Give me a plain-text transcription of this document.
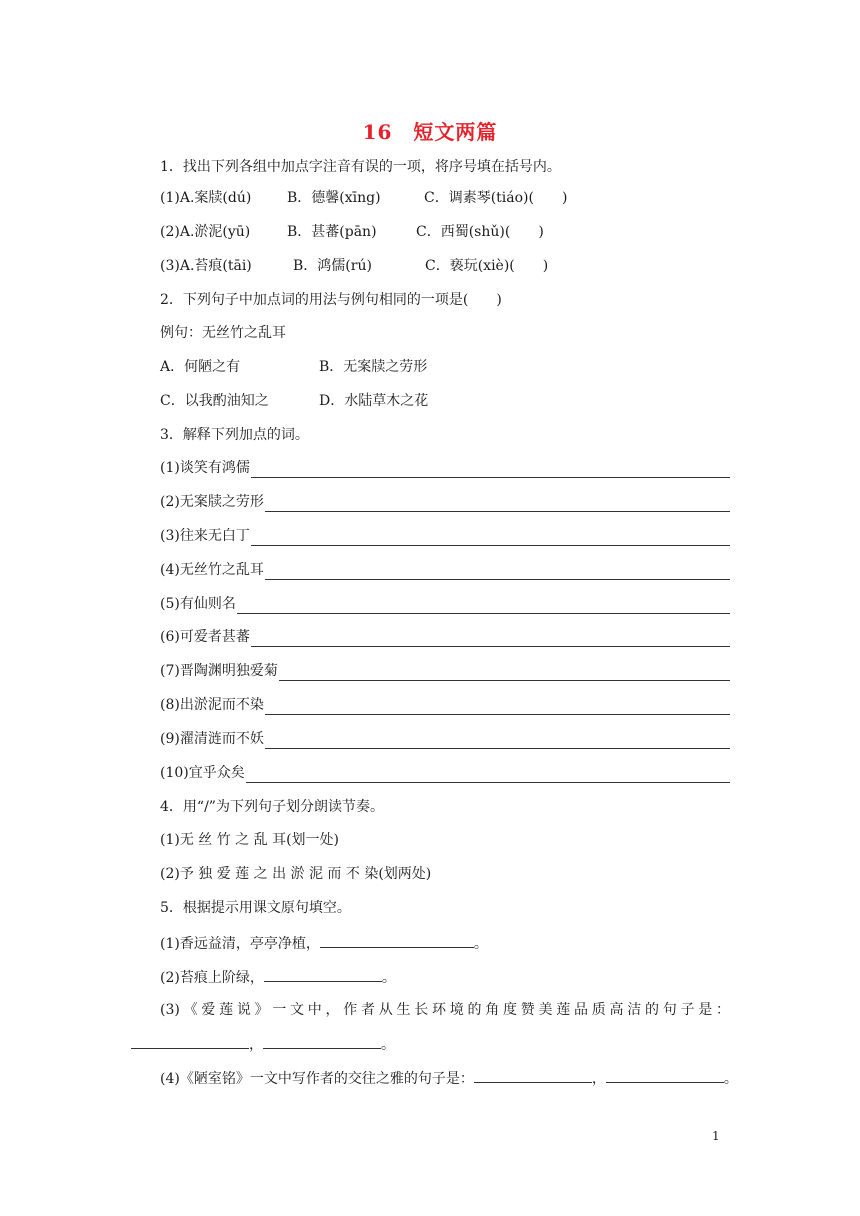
16　短文两篇
1．找出下列各组中加点字注音有误的一项，将序号填在括号内。
(1)A.案牍(dú)	B．德馨(xīng)	C．调素琴(tiáo)(　　)
(2)A.淤泥(yū)	B．甚蕃(pān)	C．西蜀(shǔ)(　　)
(3)A.苔痕(tāi)	B．鸿儒(rú)	C．亵玩(xiè)(　　)
2．下列句子中加点词的用法与例句相同的一项是(　　)
例句：无丝竹之乱耳
A．何陋之有	B．无案牍之劳形
C．以我酌油知之	D．水陆草木之花
3．解释下列加点的词。
(1)谈笑有鸿儒
(2)无案牍之劳形
(3)往来无白丁
(4)无丝竹之乱耳
(5)有仙则名
(6)可爱者甚蕃
(7)晋陶渊明独爱菊
(8)出淤泥而不染
(9)濯清涟而不妖
(10)宜乎众矣
4．用“/”为下列句子划分朗读节奏。
(1)无 丝 竹 之 乱 耳(划一处)
(2)予 独 爱 莲 之 出 淤 泥 而 不 染(划两处)
5．根据提示用课文原句填空。
(1)香远益清，亭亭净植，	。
(2)苔痕上阶绿，	。
(3)《爱莲说》一文中，作者从生长环境的角度赞美莲品质高洁的句子是：
，	。
(4)《陋室铭》一文中写作者的交往之雅的句子是：	，	。
1
